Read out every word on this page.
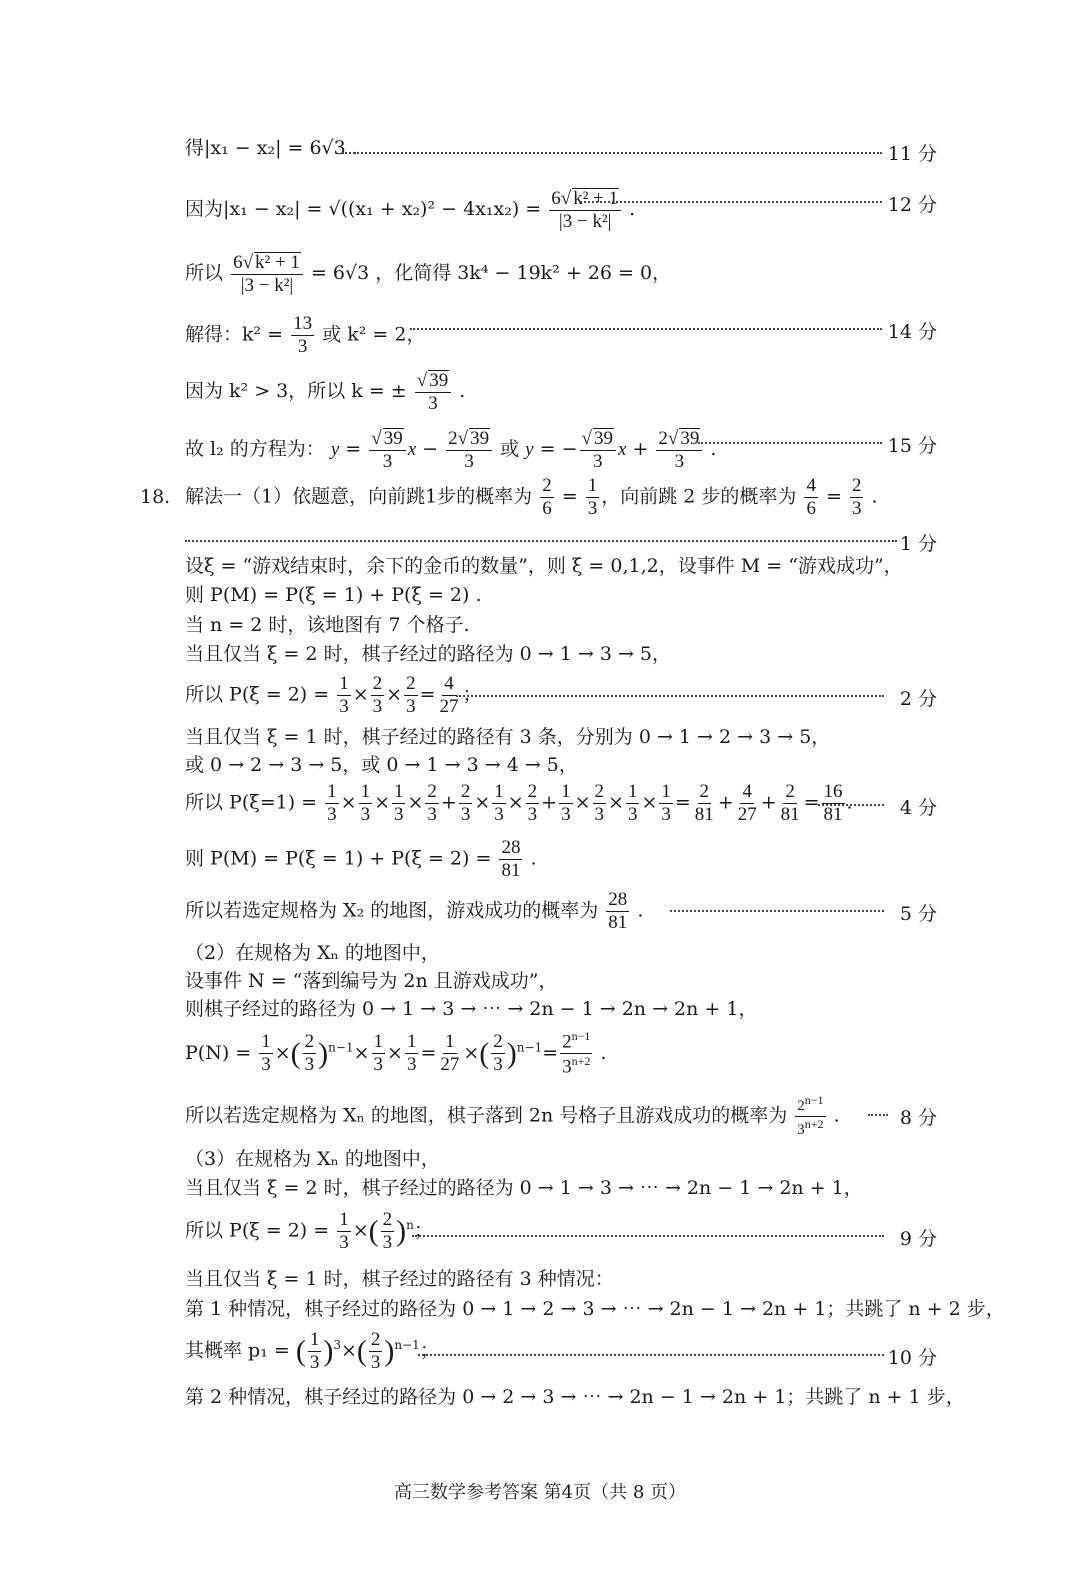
得|x₁ − x₂| = 6√3 .	11 分
因为$|x_1 - x_2| = √((x_1 + x_2)^2 - 4x_1x_2) = \frac{\text{6√ k² + 1}}{\text{|3 − k²|}}$ .	12 分
所以 $\frac{\text{6√ k² + 1}}{\text{|3 − k²|}} = 6√3$ ，化简得 3k⁴ − 19k² + 26 = 0，
解得：$k^2 = \frac{13}{3}$ 或 k² = 2，	14 分
因为 k² > 3，所以 k = ± $\frac{√ 39}{3}$ .
故 l₂ 的方程为： $y = \frac{√ 39}{3}$ $x - \frac{2√ 39}{3}$ 或 y = − $\frac{√ 39}{3}$ $x + \frac{2√ 39}{3}$ .	15 分
18. 解法一（1）依题意，向前跳1步的概率为 $\frac{2}{6} = \frac{1}{3}$ ，向前跳 2 步的概率为 $\frac{4}{6} = \frac{2}{3}$ .
1 分
设ξ = “游戏结束时，余下的金币的数量”，则 ξ = 0,1,2，设事件 M = “游戏成功”，
则 P(M) = P(ξ = 1) + P(ξ = 2) .
当 n = 2 时，该地图有 7 个格子.
当且仅当 ξ = 2 时，棋子经过的路径为 0 → 1 → 3 → 5，
所以 $P(\xi = 2) = \frac{1}{3} \times \frac{2}{3} \times \frac{2}{3} = \frac{4}{27}$ ；	2 分
当且仅当 ξ = 1 时，棋子经过的路径有 3 条，分别为 0 → 1 → 2 → 3 → 5，
或 0 → 2 → 3 → 5，或 0 → 1 → 3 → 4 → 5，
所以 $P(\xi=1) = \frac{1}{3} \times \frac{1}{3} \times \frac{1}{3} \times \frac{2}{3} + \frac{2}{3} \times \frac{1}{3} \times \frac{2}{3} + \frac{1}{3} \times \frac{2}{3} \times \frac{1}{3} \times \frac{1}{3} = \frac{2}{81} + \frac{4}{27} + \frac{2}{81} = \frac{16}{81}$ . 4 分
则 $P(M) = P(\xi = 1) + P(\xi = 2) = \frac{28}{81}$ .
所以若选定规格为 X₂ 的地图，游戏成功的概率为 $\frac{28}{81}$ .	5 分
（2）在规格为 Xₙ 的地图中，
设事件 N = “落到编号为 2n 且游戏成功”，
则棋子经过的路径为 0 → 1 → 3 → ⋯ → 2n − 1 → 2n → 2n + 1，
$P(N) = \frac{1}{3}$ ×( $\frac{2}{3} )^{n-1}\times \frac{1}{3} \times \frac{1}{3} = \frac{1}{27}$ ×( $\frac{2}{3} )^{n-1}= \frac{2^{n-1}}{3^{n+2}}$ .
所以若选定规格为 Xₙ 的地图，棋子落到 2n 号格子且游戏成功的概率为 $\frac{2^{n-1}}{3^{n+2}}$ .	8 分
（3）在规格为 Xₙ 的地图中，
当且仅当 ξ = 2 时，棋子经过的路径为 0 → 1 → 3 → ⋯ → 2n − 1 → 2n + 1，
所以 $P(\xi = 2) = \frac{1}{3}$ ×( $\frac{2}{3} )^n$；	9 分
当且仅当 ξ = 1 时，棋子经过的路径有 3 种情况：
第 1 种情况，棋子经过的路径为 0 → 1 → 2 → 3 → ⋯ → 2n − 1 → 2n + 1；共跳了 n + 2 步，
其概率 p₁ = ( $\frac{1}{3} )^3\times( \frac{2}{3} )^{n-1}$；	10 分
第 2 种情况，棋子经过的路径为 0 → 2 → 3 → ⋯ → 2n − 1 → 2n + 1；共跳了 n + 1 步，
高三数学参考答案 第4页（共 8 页）
